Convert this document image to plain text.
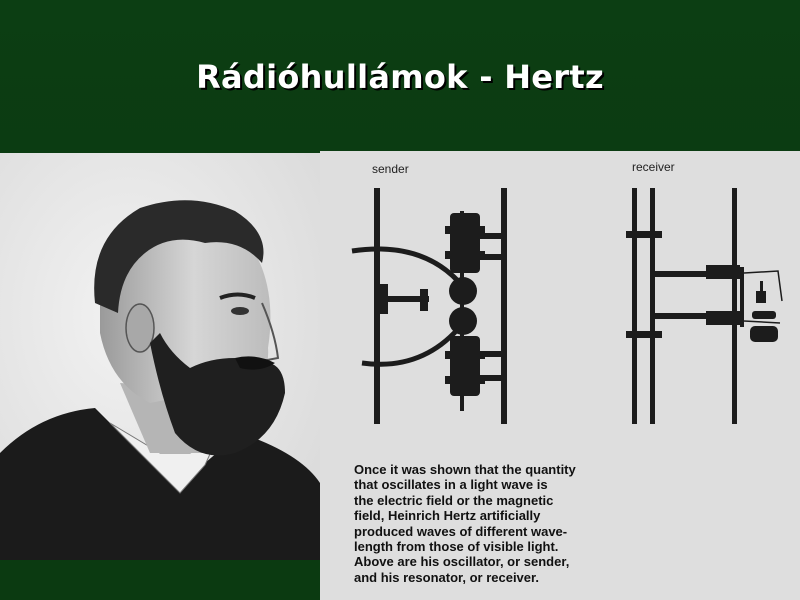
Rádióhullámok - Hertz
sender	receiver
Once it was shown that the quantity
that oscillates in a light wave is
the electric field or the magnetic
field, Heinrich Hertz artificially
produced waves of different wave-
length from those of visible light.
Above are his oscillator, or sender,
and his resonator, or receiver.
